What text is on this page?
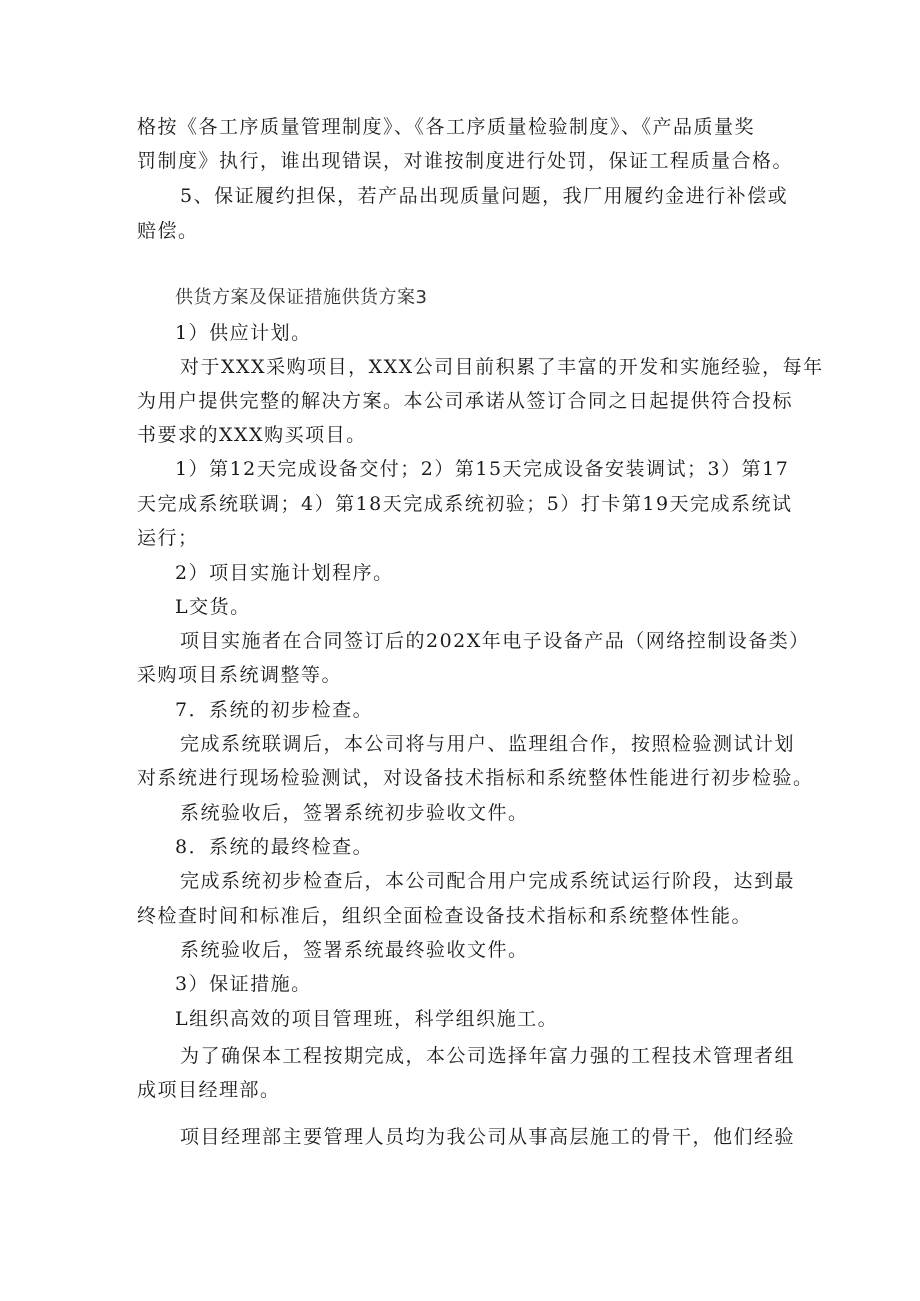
格按《各工序质量管理制度》、《各工序质量检验制度》、《产品质量奖
罚制度》执行，谁出现错误，对谁按制度进行处罚，保证工程质量合格。
5、保证履约担保，若产品出现质量问题，我厂用履约金进行补偿或
赔偿。
供货方案及保证措施供货方案3
1）供应计划。
对于XXX采购项目，XXX公司目前积累了丰富的开发和实施经验，每年
为用户提供完整的解决方案。本公司承诺从签订合同之日起提供符合投标
书要求的XXX购买项目。
1）第12天完成设备交付；2）第15天完成设备安装调试；3）第17
天完成系统联调；4）第18天完成系统初验；5）打卡第19天完成系统试
运行；
2）项目实施计划程序。
L交货。
项目实施者在合同签订后的202X年电子设备产品（网络控制设备类）
采购项目系统调整等。
7．系统的初步检查。
完成系统联调后，本公司将与用户、监理组合作，按照检验测试计划
对系统进行现场检验测试，对设备技术指标和系统整体性能进行初步检验。
系统验收后，签署系统初步验收文件。
8．系统的最终检查。
完成系统初步检查后，本公司配合用户完成系统试运行阶段，达到最
终检查时间和标准后，组织全面检查设备技术指标和系统整体性能。
系统验收后，签署系统最终验收文件。
3）保证措施。
L组织高效的项目管理班，科学组织施工。
为了确保本工程按期完成，本公司选择年富力强的工程技术管理者组
成项目经理部。
项目经理部主要管理人员均为我公司从事高层施工的骨干，他们经验
